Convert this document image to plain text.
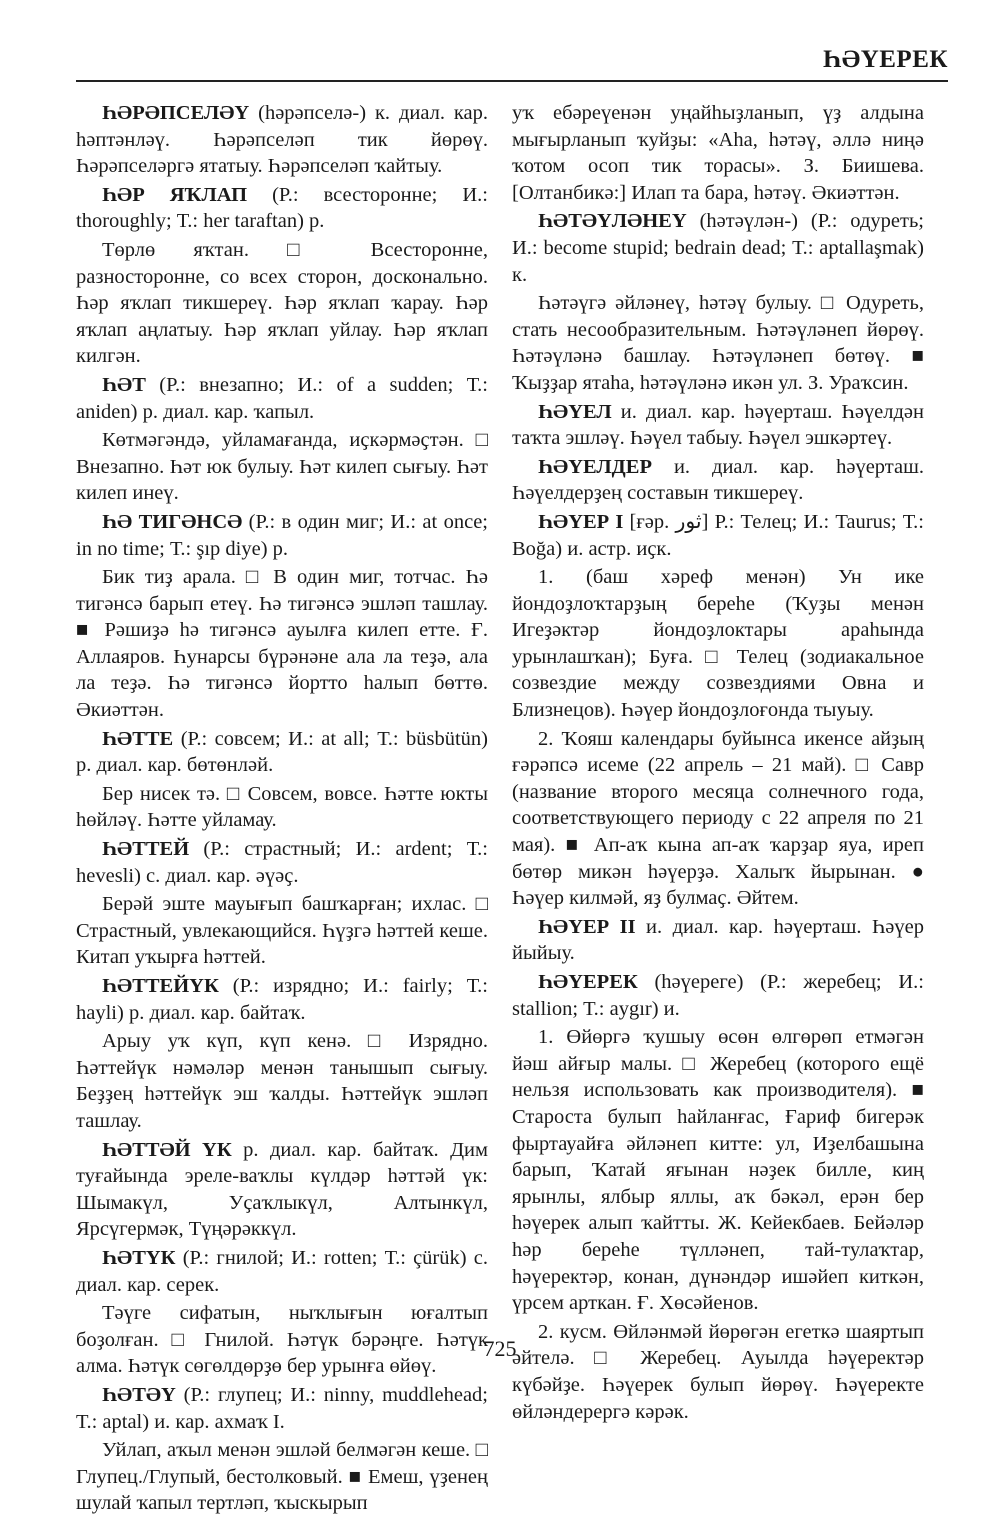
ҺӘҮЕРЕК

ҺӘРӘПСЕЛӘҮ (һәрәпселә-) к. диал. кар. һәптәнләү. Һәрәпселәп тик йөрөү. Һәрәпселәргә ятатыу. Һәрәпселәп ҡайтыу.

ҺӘР ЯҠЛАП (Р.: всесторонне; И.: thoroughly; Т.: her taraftan) р.

Төрлө яҡтан. □ Всесторонне, разносторонне, со всех сторон, досконально. Һәр яҡлап тикшереү. Һәр яҡлап ҡарау. Һәр яҡлап аңлатыу. Һәр яҡлап уйлау. Һәр яҡлап килгән.

ҺӘТ (Р.: внезапно; И.: of a sudden; Т.: aniden) р. диал. кар. ҡапыл.

Көтмәгәндә, уйламағанда, иҫкәрмәҫтән. □ Внезапно. Һәт юк булыу. Һәт килеп сығыу. Һәт килеп инеү.

ҺӘ ТИГӘНСӘ (Р.: в один миг; И.: at once; in no time; Т.: şıp diye) р.

Бик тиҙ арала. □ В один миг, тотчас. Һә тигәнсә барып етеү. Һә тигәнсә эшләп ташлау. ■ Рәшиҙә һә тигәнсә ауылға килеп етте. Ғ. Аллаяров. Һунарсы бүрәнәне ала ла теҙә, ала ла теҙә. Һә тигәнсә йортто һалып бөттө. Әкиәттән.

ҺӘТТЕ (Р.: совсем; И.: at all; Т.: büsbütün) р. диал. кар. бөтөнләй.

Бер нисек тә. □ Совсем, вовсе. Һәтте юкты һөйләү. Һәтте уйламау.

ҺӘТТЕЙ (Р.: страстный; И.: ardent; Т.: hevesli) с. диал. кар. әүәҫ.

Берәй эште мауығып башҡарған; ихлас. □ Страстный, увлекающийся. Һүҙгә һәттей кеше. Китап уҡырға һәттей.

ҺӘТТЕЙҮК (Р.: изрядно; И.: fairly; Т.: hayli) р. диал. кар. байтаҡ.

Арыу уҡ күп, күп кенә. □ Изрядно. Һәттейүк нәмәләр менән танышып сығыу. Беҙҙең һәттейүк эш ҡалды. Һәттейүк эшләп ташлау.

ҺӘТТӘЙ ҮК р. диал. кар. байтаҡ. Дим туғайында эреле-ваҡлы күлдәр һәттәй үк: Шымакүл, Уҫаҡлыкүл, Алтынкүл, Ярсүгермәк, Түңәрәккүл.

ҺӘТҮК (Р.: гнилой; И.: rotten; Т.: çürük) с. диал. кар. серек.

Тәүге сифатын, ныҡлығын юғалтып боҙолған. □ Гнилой. Һәтүк бәрәңге. Һәтүк алма. Һәтүк сөгөлдөрҙө бер урынға өйөү.

ҺӘТӘҮ (Р.: глупец; И.: ninny, muddlehead; Т.: aptal) и. кар. ахмаҡ I.

Уйлап, аҡыл менән эшләй белмәгән кеше. □ Глупец./Глупый, бестолковый. ■ Емеш, үҙенең шулай ҡапыл тертләп, ҡыскырып

уҡ ебәреүенән уңайһыҙланып, үҙ алдына мығырланып ҡуйҙы: «Аһа, һәтәү, әллә ниңә ҡотом осоп тик торасы». З. Биишева. [Олтанбикә:] Илап та бара, һәтәү. Әкиәттән.

ҺӘТӘҮЛӘНЕҮ (һәтәүлән-) (Р.: одуреть; И.: become stupid; bedrain dead; Т.: aptallaşmak) к.

Һәтәүгә әйләнеү, һәтәү булыу. □ Одуреть, стать несообразительным. Һәтәүләнеп йөрөү. Һәтәүләнә башлау. Һәтәүләнеп бөтөү. ■ Ҡыҙҙар ятаһа, һәтәүләнә икән ул. З. Ураҡсин.

ҺӘҮЕЛ и. диал. кар. һәүерташ. Һәүелдән таҡта эшләү. Һәүел табыу. Һәүел эшкәртеү.

ҺӘҮЕЛДЕР и. диал. кар. һәүерташ. Һәүелдерҙең составын тикшереү.

ҺӘҮЕР I [ғәр. ثور] Р.: Телец; И.: Taurus; Т.: Boğa) и. астр. иҫк.

1. (баш хәреф менән) Ун ике йондоҙлоҡтарҙың береһе (Ҡуҙы менән Игеҙәктәр йондоҙлоктары араһында урынлашҡан); Буға. □ Телец (зодиакальное созвездие между созвездиями Овна и Близнецов). Һәүер йондоҙлоғонда тыуыу.

2. Ҡояш календары буйынса икенсе айҙың ғәрәпсә исеме (22 апрель – 21 май). □ Савр (название второго месяца солнечного года, соответствующего периоду с 22 апреля по 21 мая). ■ Ап-аҡ кына ап-аҡ ҡарҙар яуа, иреп бөтөр микән һәүерҙә. Халыҡ йырынан. ● Һәүер килмәй, яҙ булмаҫ. Әйтем.

ҺӘҮЕР II и. диал. кар. һәүерташ. Һәүер йыйыу.

ҺӘҮЕРЕК (һәүереге) (Р.: жеребец; И.: stallion; Т.: aygır) и.

1. Өйөргә ҡушыу өсөн өлгөрөп етмәгән йәш айғыр малы. □ Жеребец (которого ещё нельзя использовать как производителя). ■ Староста булып һайланғас, Ғариф бигерәк фыртауайға әйләнеп китте: ул, Иҙелбашына барып, Ҡатай яғынан нәҙек билле, киң ярынлы, ялбыр яллы, аҡ бәкәл, ерән бер һәүерек алып ҡайтты. Ж. Кейекбаев. Бейәләр һәр береһе түлләнеп, тай-тулаҡтар, һәүеректәр, конан, дүнәндәр ишәйеп киткән, үрсем арткан. Ғ. Хөсәйенов.

2. кусм. Өйләнмәй йөрөгән егеткә шаяртып әйтелә. □ Жеребец. Ауылда һәүеректәр күбәйҙе. Һәүерек булып йөрөү. Һәүеректе өйләндерергә кәрәк.

725
